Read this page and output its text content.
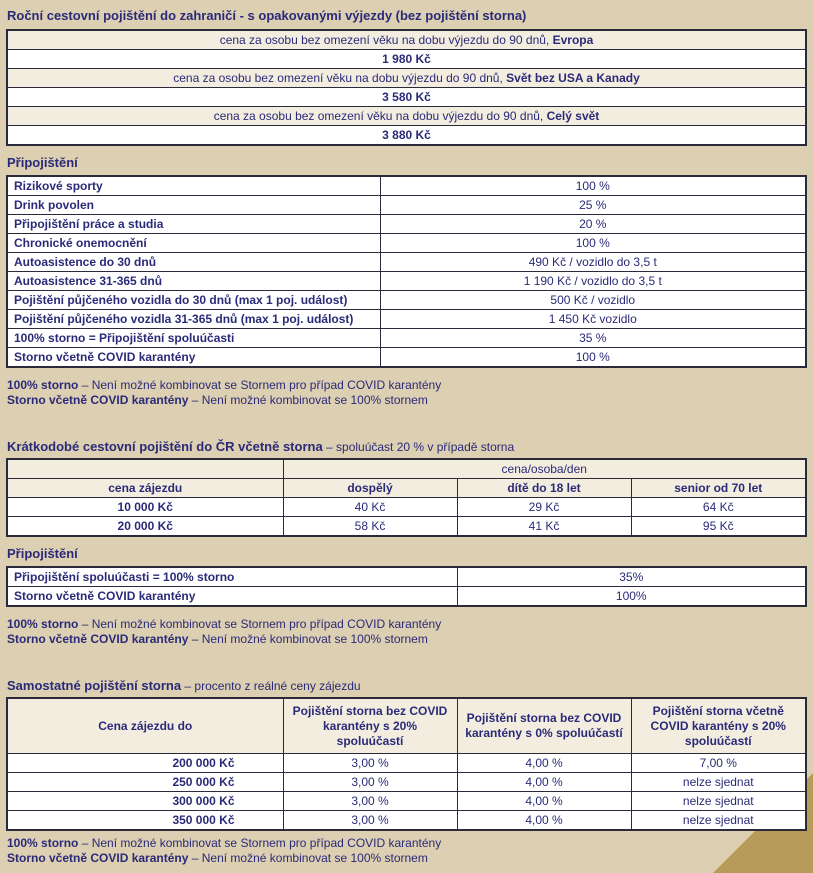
Roční cestovní pojištění do zahraničí - s opakovanými výjezdy (bez pojištění storna)
cena za osobu bez omezení věku na dobu výjezdu do 90 dnů, Evropa
1 980 Kč
cena za osobu bez omezení věku na dobu výjezdu do 90 dnů, Svět bez USA a Kanady
3 580 Kč
cena za osobu bez omezení věku na dobu výjezdu do 90 dnů, Celý svět
3 880 Kč
Připojištění
Rizikové sporty	100 %
Drink povolen	25 %
Připojištění práce a studia	20 %
Chronické onemocnění	100 %
Autoasistence do 30 dnů	490 Kč / vozidlo do 3,5 t
Autoasistence 31-365 dnů	1 190 Kč / vozidlo do 3,5 t
Pojištění půjčeného vozidla do 30 dnů (max 1 poj. událost)	500 Kč / vozidlo
Pojištění půjčeného vozidla 31-365 dnů (max 1 poj. událost)	1 450 Kč vozidlo
100% storno = Připojištění spoluúčasti	35 %
Storno včetně COVID karantény	100 %
100% storno – Není možné kombinovat se Stornem pro případ COVID karantény
Storno včetně COVID karantény – Není možné kombinovat se 100% stornem
Krátkodobé cestovní pojištění do ČR včetně storna – spoluúčast 20 % v případě storna
	cena/osoba/den		
cena zájezdu	dospělý	dítě do 18 let	senior od 70 let
10 000 Kč	40 Kč	29 Kč	64 Kč
20 000 Kč	58 Kč	41 Kč	95 Kč
Připojištění
Připojištění spoluúčasti = 100% storno	35%
Storno včetně COVID karantény	100%
100% storno – Není možné kombinovat se Stornem pro případ COVID karantény
Storno včetně COVID karantény – Není možné kombinovat se 100% stornem
Samostatné pojištění storna – procento z reálné ceny zájezdu
Cena zájezdu do	Pojištění storna bez COVID karantény s 20% spoluúčastí	Pojištění storna bez COVID karantény s 0% spoluúčastí	Pojištění storna včetně COVID karantény s 20% spoluúčastí
200 000 Kč	3,00 %	4,00 %	7,00 %
250 000 Kč	3,00 %	4,00 %	nelze sjednat
300 000 Kč	3,00 %	4,00 %	nelze sjednat
350 000 Kč	3,00 %	4,00 %	nelze sjednat
100% storno – Není možné kombinovat se Stornem pro případ COVID karantény
Storno včetně COVID karantény – Není možné kombinovat se 100% stornem
